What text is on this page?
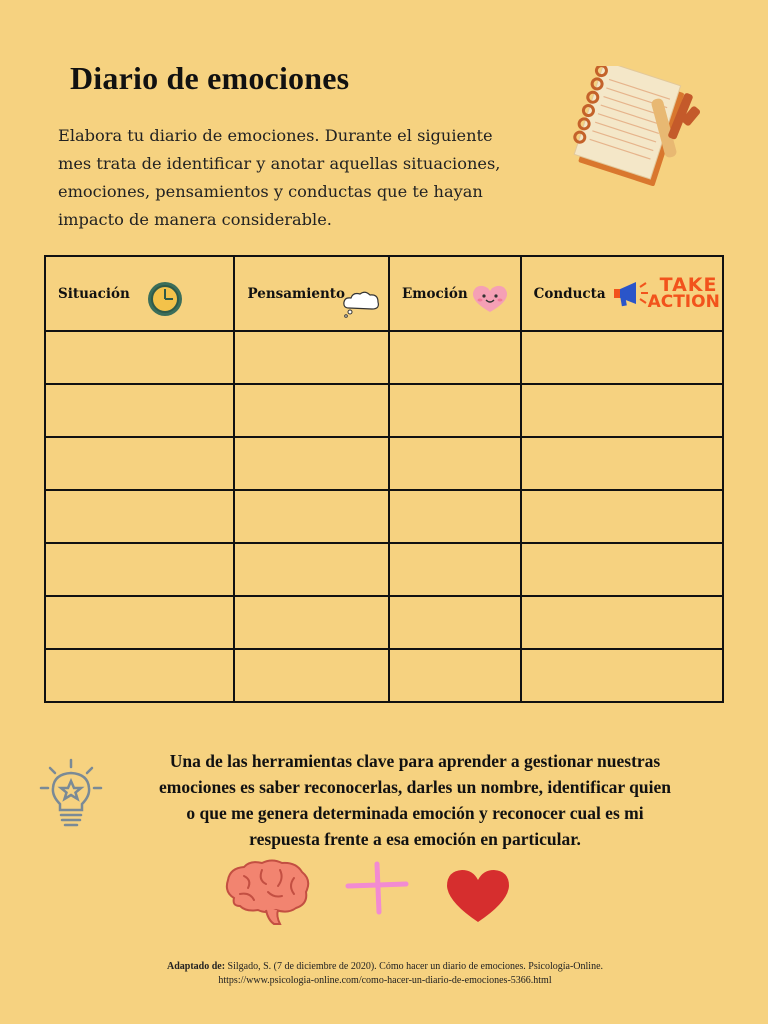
Diario de emociones
Elabora tu diario de emociones. Durante el siguiente
mes trata de identificar y anotar aquellas situaciones,
emociones, pensamientos y conductas que te hayan
impacto de manera considerable.
Situación	Pensamiento	Emoción	Conducta TAKE
ACTION

Una de las herramientas clave para aprender a gestionar nuestras
emociones es saber reconocerlas, darles un nombre, identificar quien
o que me genera determinada emoción y reconocer cual es mi
respuesta frente a esa emoción en particular.
Adaptado de: Silgado, S. (7 de diciembre de 2020). Cómo hacer un diario de emociones. Psicología-Online.
https://www.psicologia-online.com/como-hacer-un-diario-de-emociones-5366.html
